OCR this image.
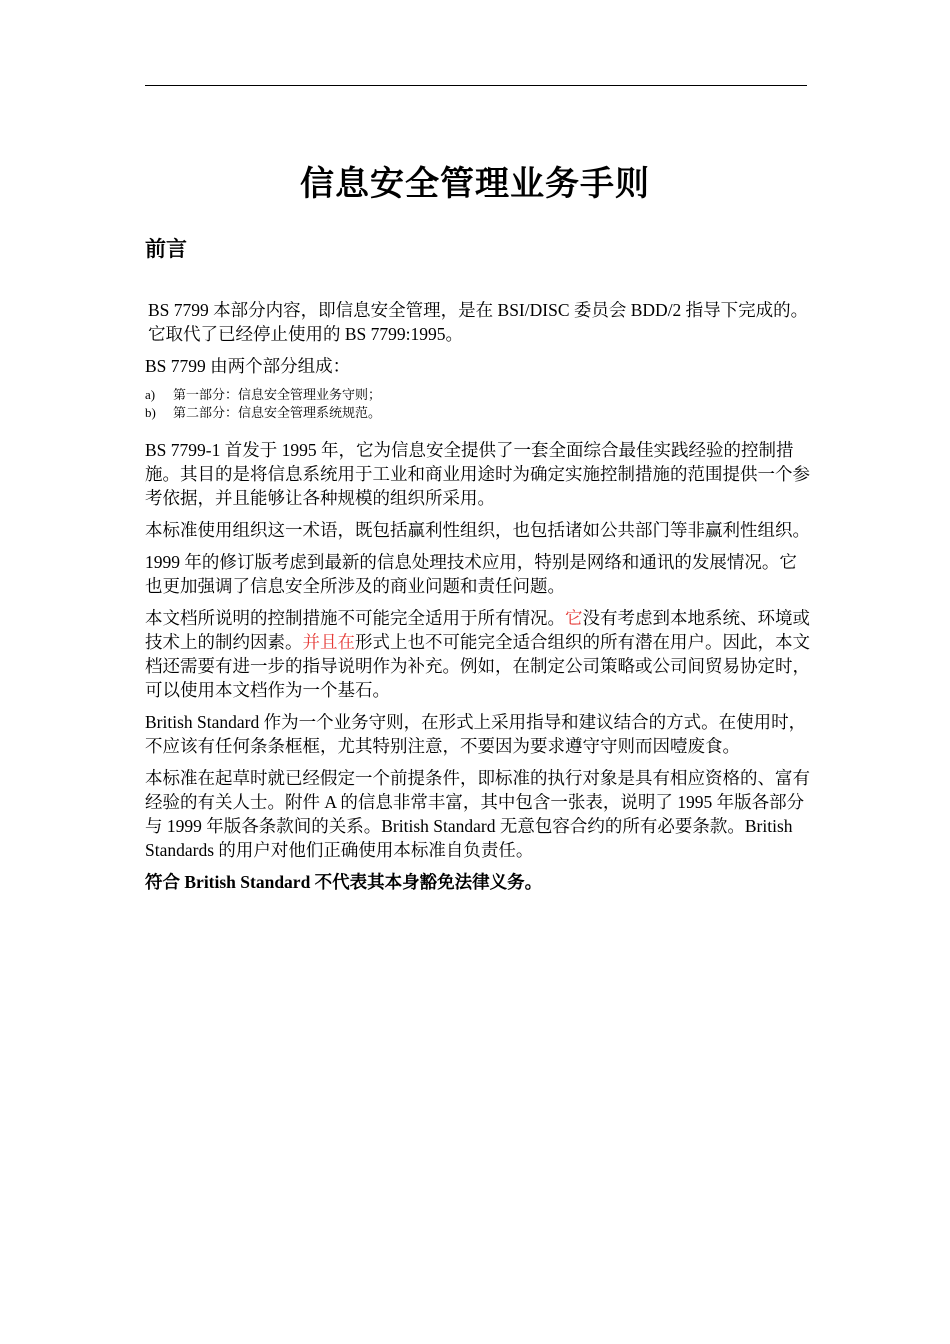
信息安全管理业务手则
前言

BS 7799 本部分内容，即信息安全管理，是在 BSI/DISC 委员会 BDD/2 指导下完成的。它取代了已经停止使用的 BS 7799:1995。

BS 7799 由两个部分组成：

a)	第一部分：信息安全管理业务守则；
b)	第二部分：信息安全管理系统规范。

BS 7799-1 首发于 1995 年，它为信息安全提供了一套全面综合最佳实践经验的控制措施。其目的是将信息系统用于工业和商业用途时为确定实施控制措施的范围提供一个参考依据，并且能够让各种规模的组织所采用。

本标准使用组织这一术语，既包括赢利性组织，也包括诸如公共部门等非赢利性组织。

1999 年的修订版考虑到最新的信息处理技术应用，特别是网络和通讯的发展情况。它也更加强调了信息安全所涉及的商业问题和责任问题。

本文档所说明的控制措施不可能完全适用于所有情况。它没有考虑到本地系统、环境或技术上的制约因素。并且在形式上也不可能完全适合组织的所有潜在用户。因此，本文档还需要有进一步的指导说明作为补充。例如，在制定公司策略或公司间贸易协定时，可以使用本文档作为一个基石。

British Standard 作为一个业务守则，在形式上采用指导和建议结合的方式。在使用时，不应该有任何条条框框，尤其特别注意，不要因为要求遵守守则而因噎废食。

本标准在起草时就已经假定一个前提条件，即标准的执行对象是具有相应资格的、富有经验的有关人士。附件 A 的信息非常丰富，其中包含一张表，说明了 1995 年版各部分与 1999 年版各条款间的关系。British Standard 无意包容合约的所有必要条款。British Standards 的用户对他们正确使用本标准自负责任。

符合 British Standard 不代表其本身豁免法律义务。
